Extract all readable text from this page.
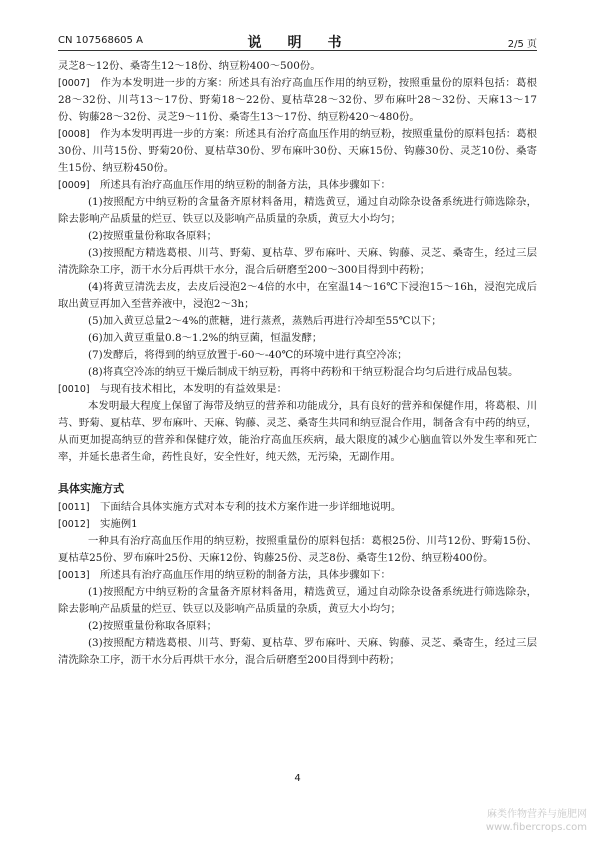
CN 107568605 A	说　明　书	2/5 页

灵芝8～12份、桑寄生12～18份、纳豆粉400～500份。

[0007]　作为本发明进一步的方案：所述具有治疗高血压作用的纳豆粉，按照重量份的原料包括：葛根28～32份、川芎13～17份、野菊18～22份、夏枯草28～32份、罗布麻叶28～32份、天麻13～17份、钩藤28～32份、灵芝9～11份、桑寄生13～17份、纳豆粉420～480份。

[0008]　作为本发明再进一步的方案：所述具有治疗高血压作用的纳豆粉，按照重量份的原料包括：葛根30份、川芎15份、野菊20份、夏枯草30份、罗布麻叶30份、天麻15份、钩藤30份、灵芝10份、桑寄生15份、纳豆粉450份。

[0009]　所述具有治疗高血压作用的纳豆粉的制备方法，具体步骤如下：

(1)按照配方中纳豆粉的含量备齐原材料备用，精选黄豆，通过自动除杂设备系统进行筛选除杂，除去影响产品质量的烂豆、铁豆以及影响产品质量的杂质，黄豆大小均匀；

(2)按照重量份称取各原料；

(3)按照配方精选葛根、川芎、野菊、夏枯草、罗布麻叶、天麻、钩藤、灵芝、桑寄生，经过三层清洗除杂工序，沥干水分后再烘干水分，混合后研磨至200～300目得到中药粉；

(4)将黄豆清洗去皮，去皮后浸泡2～4倍的水中，在室温14～16℃下浸泡15～16h，浸泡完成后取出黄豆再加入至营养液中，浸泡2～3h；

(5)加入黄豆总量2～4%的蔗糖，进行蒸煮，蒸熟后再进行冷却至55℃以下；

(6)加入黄豆重量0.8～1.2%的纳豆菌，恒温发酵；

(7)发酵后，将得到的纳豆放置于-60～-40℃的环境中进行真空冷冻；

(8)将真空冷冻的纳豆干燥后制成干纳豆粉，再将中药粉和干纳豆粉混合均匀后进行成品包装。

[0010]　与现有技术相比，本发明的有益效果是：

本发明最大程度上保留了海带及纳豆的营养和功能成分，具有良好的营养和保健作用，将葛根、川芎、野菊、夏枯草、罗布麻叶、天麻、钩藤、灵芝、桑寄生共同和纳豆混合作用，制备含有中药的纳豆，从而更加提高纳豆的营养和保健疗效，能治疗高血压疾病，最大限度的减少心脑血管以外发生率和死亡率，并延长患者生命，药性良好，安全性好，纯天然，无污染，无副作用。

具体实施方式

[0011]　下面结合具体实施方式对本专利的技术方案作进一步详细地说明。

[0012]　实施例1

一种具有治疗高血压作用的纳豆粉，按照重量份的原料包括：葛根25份、川芎12份、野菊15份、夏枯草25份、罗布麻叶25份、天麻12份、钩藤25份、灵芝8份、桑寄生12份、纳豆粉400份。

[0013]　所述具有治疗高血压作用的纳豆粉的制备方法，具体步骤如下：

(1)按照配方中纳豆粉的含量备齐原材料备用，精选黄豆，通过自动除杂设备系统进行筛选除杂，除去影响产品质量的烂豆、铁豆以及影响产品质量的杂质，黄豆大小均匀；

(2)按照重量份称取各原料；

(3)按照配方精选葛根、川芎、野菊、夏枯草、罗布麻叶、天麻、钩藤、灵芝、桑寄生，经过三层清洗除杂工序，沥干水分后再烘干水分，混合后研磨至200目得到中药粉；

4
麻类作物营养与施肥网
www.fibercrops.com
